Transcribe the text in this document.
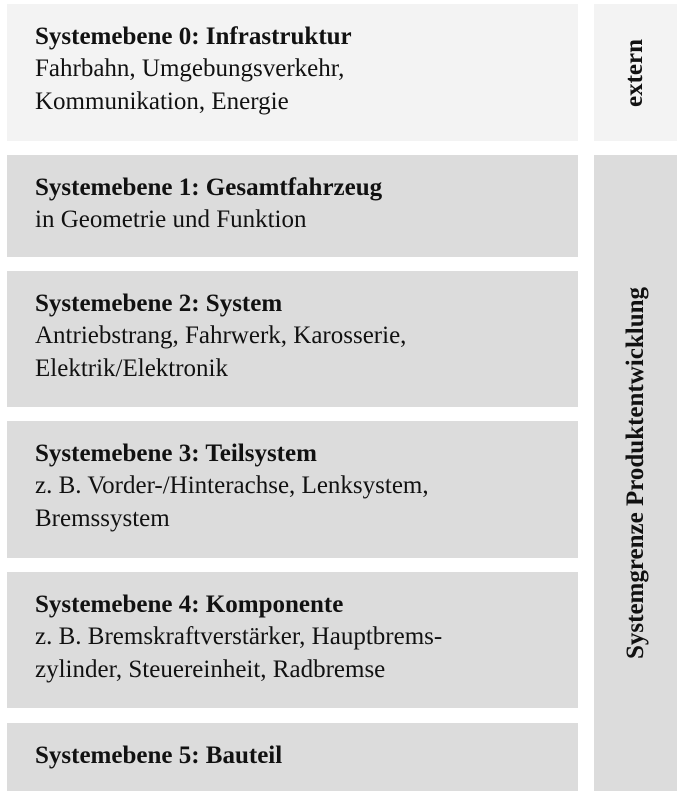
Systemebene 0: Infrastruktur
Fahrbahn, Umgebungsverkehr,
Kommunikation, Energie
Systemebene 1: Gesamtfahrzeug
in Geometrie und Funktion
Systemebene 2: System
Antriebstrang, Fahrwerk, Karosserie,
Elektrik/Elektronik
Systemebene 3: Teilsystem
z. B. Vorder-/Hinterachse, Lenksystem,
Bremssystem
Systemebene 4: Komponente
z. B. Bremskraftverstärker, Hauptbrems-
zylinder, Steuereinheit, Radbremse
Systemebene 5: Bauteil
extern
Systemgrenze Produktentwicklung
